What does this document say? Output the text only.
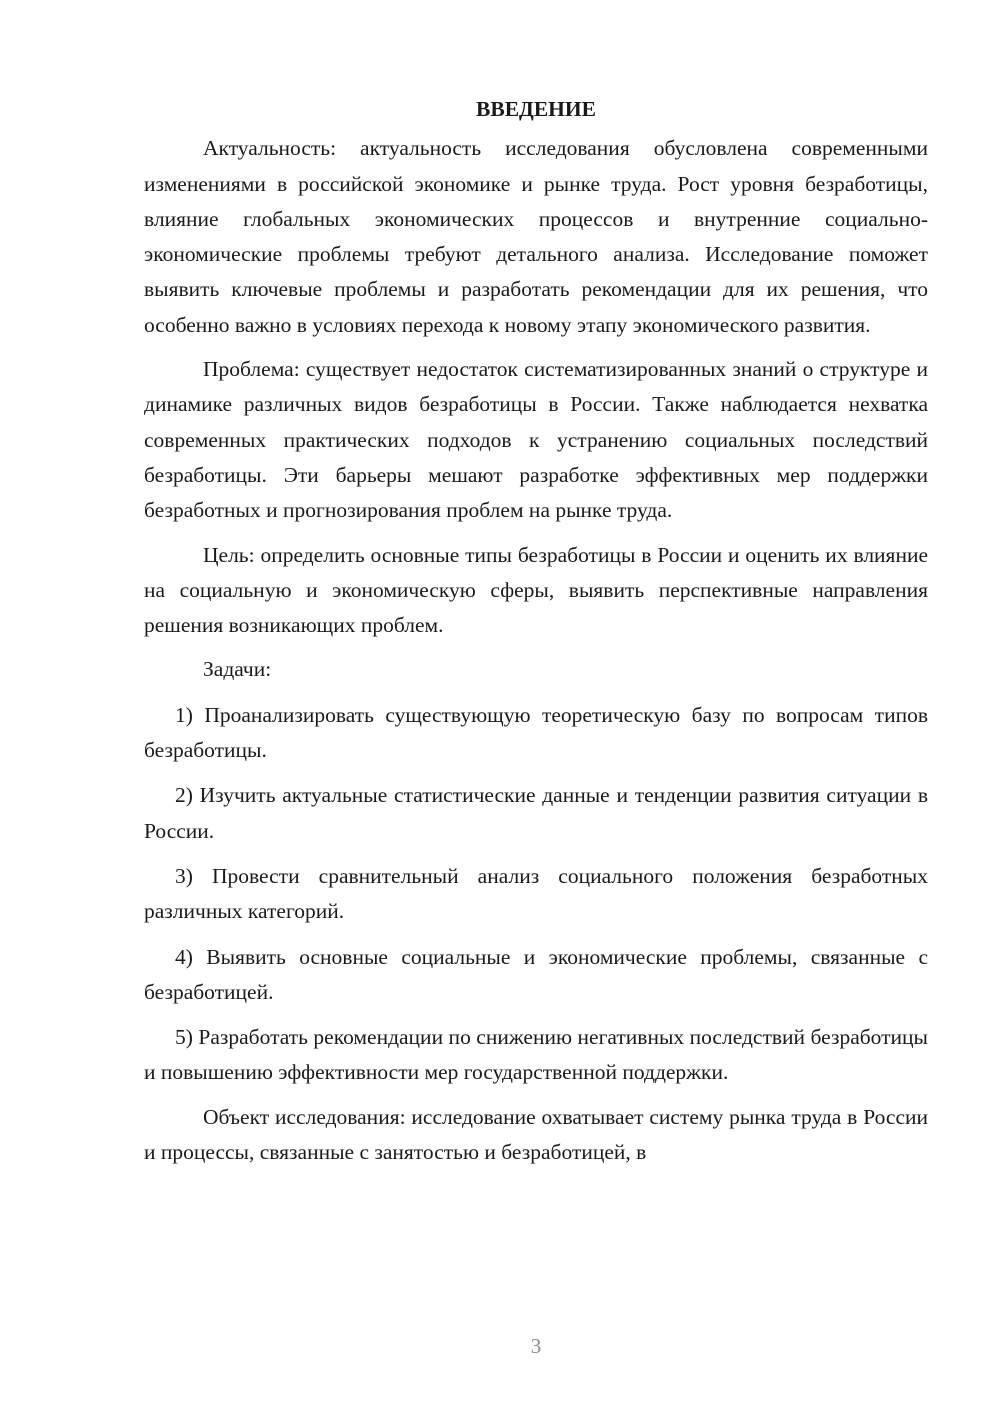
ВВЕДЕНИЕ

Актуальность: актуальность исследования обусловлена современными изменениями в российской экономике и рынке труда. Рост уровня безработицы, влияние глобальных экономических процессов и внутренние социально-экономические проблемы требуют детального анализа. Исследование поможет выявить ключевые проблемы и разработать рекомендации для их решения, что особенно важно в условиях перехода к новому этапу экономического развития.

Проблема: существует недостаток систематизированных знаний о структуре и динамике различных видов безработицы в России. Также наблюдается нехватка современных практических подходов к устранению социальных последствий безработицы. Эти барьеры мешают разработке эффективных мер поддержки безработных и прогнозирования проблем на рынке труда.

Цель: определить основные типы безработицы в России и оценить их влияние на социальную и экономическую сферы, выявить перспективные направления решения возникающих проблем.

Задачи:

1) Проанализировать существующую теоретическую базу по вопросам типов безработицы.

2) Изучить актуальные статистические данные и тенденции развития ситуации в России.

3) Провести сравнительный анализ социального положения безработных различных категорий.

4) Выявить основные социальные и экономические проблемы, связанные с безработицей.

5) Разработать рекомендации по снижению негативных последствий безработицы и повышению эффективности мер государственной поддержки.

Объект исследования: исследование охватывает систему рынка труда в России и процессы, связанные с занятостью и безработицей, в

3
